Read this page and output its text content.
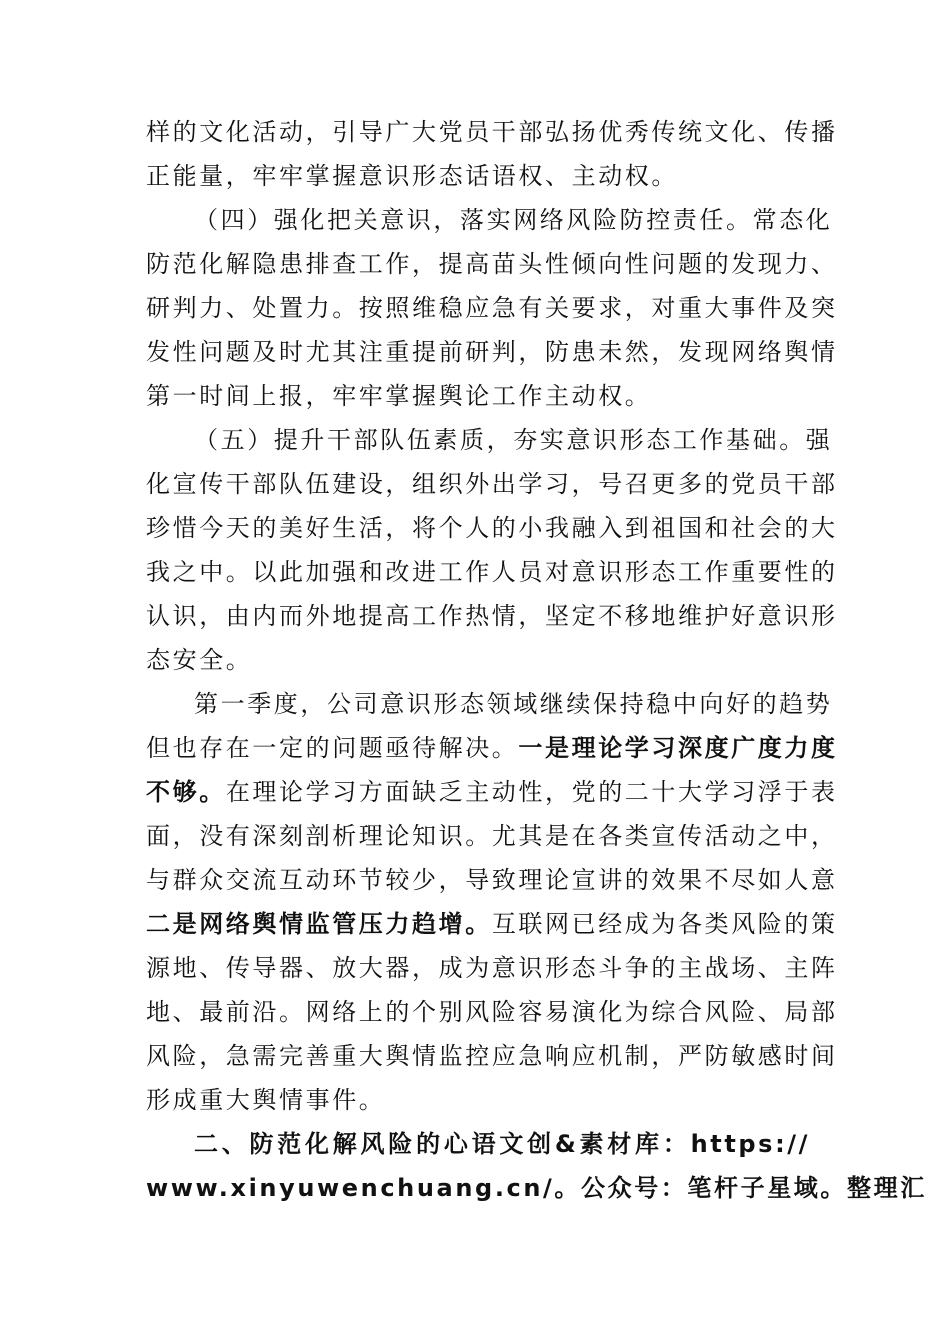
样的文化活动，引导广大党员干部弘扬优秀传统文化、传播
正能量，牢牢掌握意识形态话语权、主动权。
（四）强化把关意识，落实网络风险防控责任。常态化
防范化解隐患排查工作，提高苗头性倾向性问题的发现力、
研判力、处置力。按照维稳应急有关要求，对重大事件及突
发性问题及时尤其注重提前研判，防患未然，发现网络舆情
第一时间上报，牢牢掌握舆论工作主动权。
（五）提升干部队伍素质，夯实意识形态工作基础。强
化宣传干部队伍建设，组织外出学习，号召更多的党员干部
珍惜今天的美好生活，将个人的小我融入到祖国和社会的大
我之中。以此加强和改进工作人员对意识形态工作重要性的
认识，由内而外地提高工作热情，坚定不移地维护好意识形
态安全。
第一季度，公司意识形态领域继续保持稳中向好的趋势
但也存在一定的问题亟待解决。一是理论学习深度广度力度
不够。在理论学习方面缺乏主动性，党的二十大学习浮于表
面，没有深刻剖析理论知识。尤其是在各类宣传活动之中，
与群众交流互动环节较少，导致理论宣讲的效果不尽如人意
二是网络舆情监管压力趋增。互联网已经成为各类风险的策
源地、传导器、放大器，成为意识形态斗争的主战场、主阵
地、最前沿。网络上的个别风险容易演化为综合风险、局部
风险，急需完善重大舆情监控应急响应机制，严防敏感时间
形成重大舆情事件。
二、防范化解风险的心语文创&素材库：https://
www.xinyuwenchuang.cn/。公众号：笔杆子星域。整理汇
